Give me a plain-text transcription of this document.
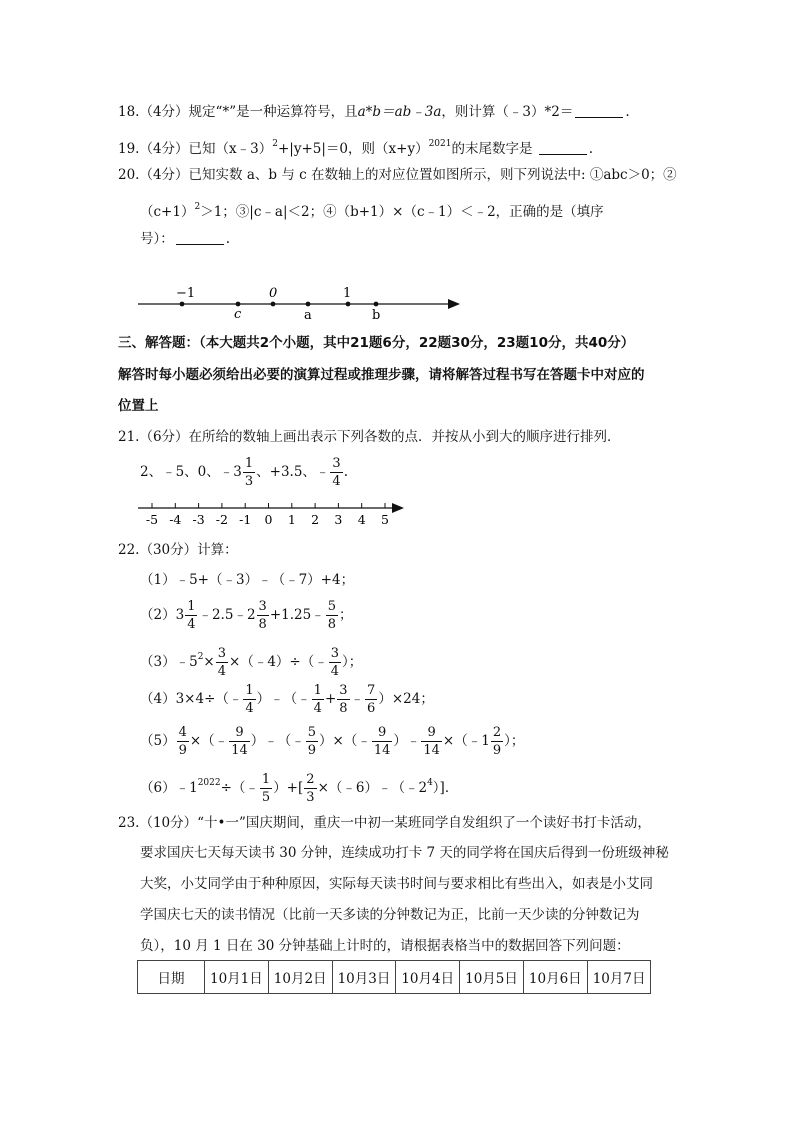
18.（4分）规定“*”是一种运算符号，且a*b＝ab﹣3a，则计算（﹣3）*2＝	.
19.（4分）已知（x﹣3）$^2$+|y+5|＝0，则$(x+y)^{2021}$的末尾数字是	.
20.（4分）已知实数 a、b 与 c 在数轴上的对应位置如图所示，则下列说法中: ①abc＞0；②
$(c+1)^2>1$；③|c﹣a|＜2；④（b+1）×（c﹣1）＜﹣2，正确的是（填序
号）：	.
−1	0	1
c	a	b
三、解答题：（本大题共2个小题，其中21题6分，22题30分，23题10分，共40分）
解答时每小题必须给出必要的演算过程或推理步骤，请将解答过程书写在答题卡中对应的
位置上
21.（6分）在所给的数轴上画出表示下列各数的点．并按从小到大的顺序进行排列．
2、﹣5、0、﹣3 $\frac{1}{3}$ 、+3.5、﹣ $\frac{3}{4}$ .
-5 -4 -3 -2 -1 0 1 2 3 4 5
22.（30分）计算：
（1）﹣5+（﹣3）﹣（﹣7）+4；
$(2)3 \frac{1}{4}$ ﹣2.5﹣2 $\frac{3}{8}$ +1.25﹣ $\frac{5}{8}$ ；
$(3)﹣5^2\times \frac{3}{4}$ ×（﹣4）÷（﹣ $\frac{3}{4}$ ）；
（4）3×4÷（﹣ $\frac{1}{4}$ ）﹣（﹣ $\frac{1}{4} + \frac{3}{8}$ ﹣ $\frac{7}{6} )\times 24$；
$(5) \frac{4}{9}$ ×（﹣ $\frac{9}{14}$ ）﹣（﹣ $\frac{5}{9}$ ）×（﹣ $\frac{9}{14}$ ）﹣ $\frac{9}{14}$ ×（﹣1 $\frac{2}{9}$ ）；
$(6)﹣1^{2022}\div(﹣ \frac{1}{5}$ ）+[ $\frac{2}{3}$ $\times(﹣6)﹣(﹣2^4)$]．
23.（10分）“十•一”国庆期间，重庆一中初一某班同学自发组织了一个读好书打卡活动，
要求国庆七天每天读书 30 分钟，连续成功打卡 7 天的同学将在国庆后得到一份班级神秘
大奖，小艾同学由于种种原因，实际每天读书时间与要求相比有些出入，如表是小艾同
学国庆七天的读书情况（比前一天多读的分钟数记为正，比前一天少读的分钟数记为
负），10 月 1 日在 30 分钟基础上计时的，请根据表格当中的数据回答下列问题：
日期	10月1日	10月2日	10月3日	10月4日	10月5日	10月6日	10月7日
